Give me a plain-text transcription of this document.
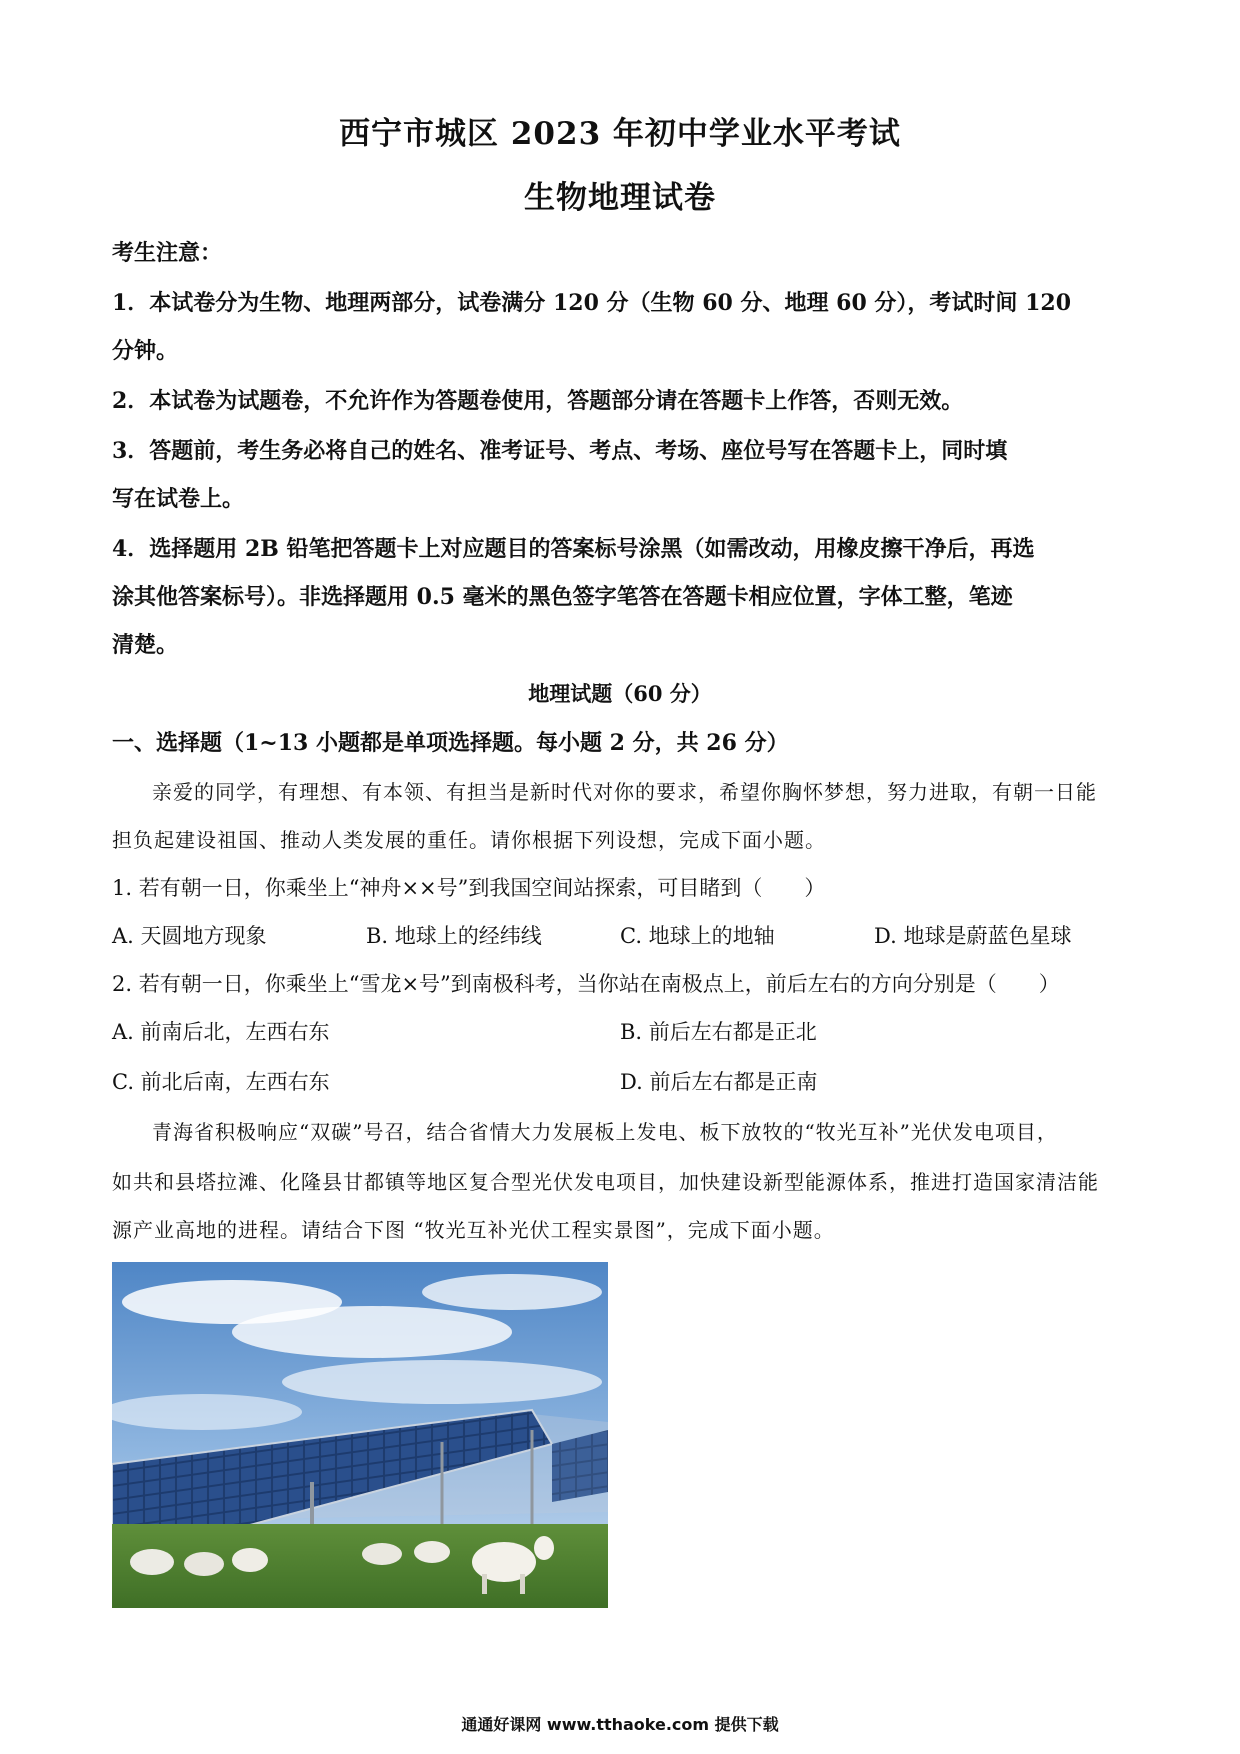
西宁市城区 2023 年初中学业水平考试
生物地理试卷
考生注意：
1．本试卷分为生物、地理两部分，试卷满分 120 分（生物 60 分、地理 60 分），考试时间 120
分钟。
2．本试卷为试题卷，不允许作为答题卷使用，答题部分请在答题卡上作答，否则无效。
3．答题前，考生务必将自己的姓名、准考证号、考点、考场、座位号写在答题卡上，同时填
写在试卷上。
4．选择题用 2B 铅笔把答题卡上对应题目的答案标号涂黑（如需改动，用橡皮擦干净后，再选
涂其他答案标号）。非选择题用 0.5 毫米的黑色签字笔答在答题卡相应位置，字体工整，笔迹
清楚。
地理试题（60 分）
一、选择题（1~13 小题都是单项选择题。每小题 2 分，共 26 分）
亲爱的同学，有理想、有本领、有担当是新时代对你的要求，希望你胸怀梦想，努力进取，有朝一日能
担负起建设祖国、推动人类发展的重任。请你根据下列设想，完成下面小题。
1. 若有朝一日，你乘坐上“神舟××号”到我国空间站探索，可目睹到（　　）
A. 天圆地方现象	B. 地球上的经纬线	C. 地球上的地轴	D. 地球是蔚蓝色星球
2. 若有朝一日，你乘坐上“雪龙×号”到南极科考，当你站在南极点上，前后左右的方向分别是（　　）
A. 前南后北，左西右东	B. 前后左右都是正北
C. 前北后南，左西右东	D. 前后左右都是正南
青海省积极响应“双碳”号召，结合省情大力发展板上发电、板下放牧的“牧光互补”光伏发电项目，
如共和县塔拉滩、化隆县甘都镇等地区复合型光伏发电项目，加快建设新型能源体系，推进打造国家清洁能
源产业高地的进程。请结合下图 “牧光互补光伏工程实景图”，完成下面小题。
通通好课网 www.tthaoke.com 提供下载
